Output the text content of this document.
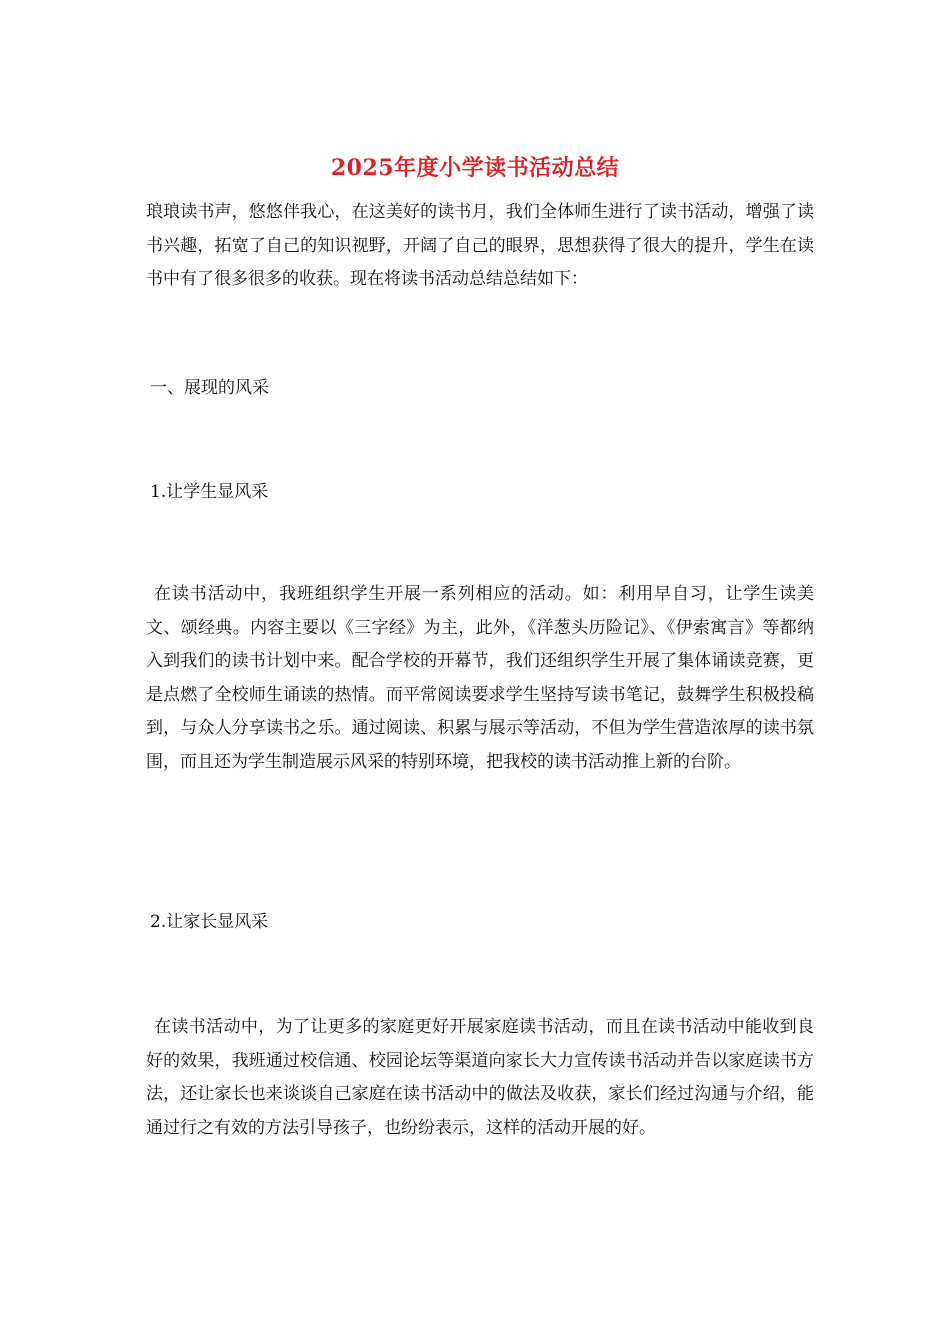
2025年度小学读书活动总结

琅琅读书声，悠悠伴我心，在这美好的读书月，我们全体师生进行了读书活动，增强了读书兴趣，拓宽了自己的知识视野，开阔了自己的眼界，思想获得了很大的提升，学生在读书中有了很多很多的收获。现在将读书活动总结总结如下：

一、展现的风采

1.让学生显风采

在读书活动中，我班组织学生开展一系列相应的活动。如：利用早自习，让学生读美文、颂经典。内容主要以《三字经》为主，此外，《洋葱头历险记》、《伊索寓言》等都纳入到我们的读书计划中来。配合学校的开幕节，我们还组织学生开展了集体诵读竞赛，更是点燃了全校师生诵读的热情。而平常阅读要求学生坚持写读书笔记，鼓舞学生积极投稿到，与众人分享读书之乐。通过阅读、积累与展示等活动，不但为学生营造浓厚的读书氛围，而且还为学生制造展示风采的特别环境，把我校的读书活动推上新的台阶。

2.让家长显风采

在读书活动中，为了让更多的家庭更好开展家庭读书活动，而且在读书活动中能收到良好的效果，我班通过校信通、校园论坛等渠道向家长大力宣传读书活动并告以家庭读书方法，还让家长也来谈谈自己家庭在读书活动中的做法及收获，家长们经过沟通与介绍，能通过行之有效的方法引导孩子，也纷纷表示，这样的活动开展的好。
